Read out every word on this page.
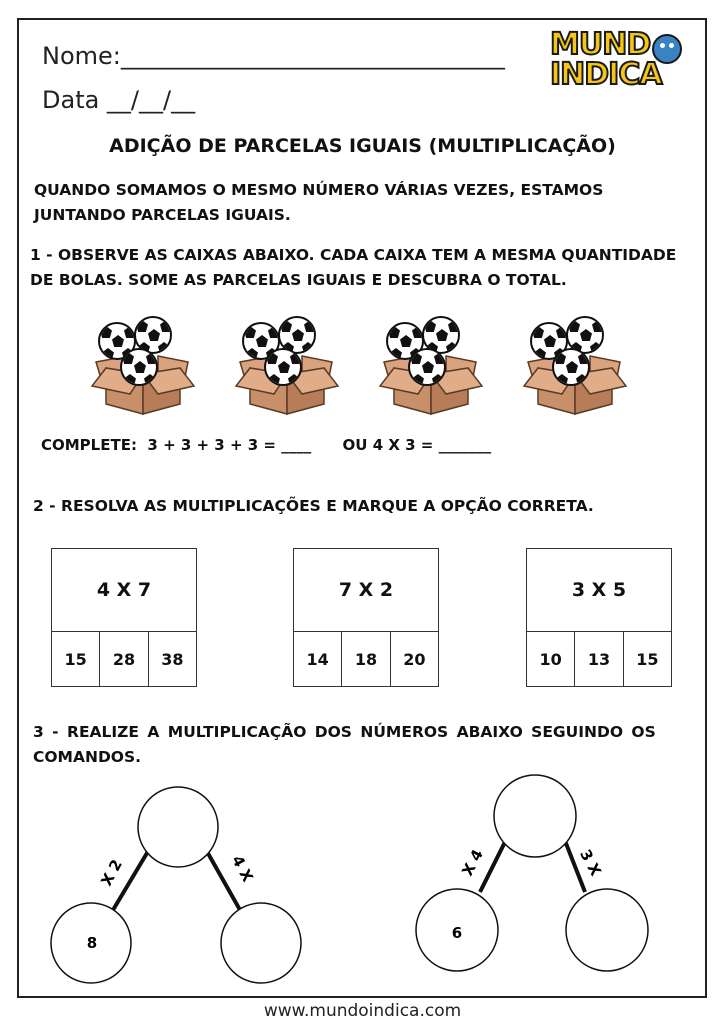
Nome:________________________________
Data __/__/__
MUND
INDICA
ADIÇÃO DE PARCELAS IGUAIS (MULTIPLICAÇÃO)
QUANDO SOMAMOS O MESMO NÚMERO VÁRIAS VEZES, ESTAMOS
JUNTANDO PARCELAS IGUAIS.
1 - OBSERVE AS CAIXAS ABAIXO. CADA CAIXA TEM A MESMA QUANTIDADE
DE BOLAS. SOME AS PARCELAS IGUAIS E DESCUBRA O TOTAL.
COMPLETE:  3 + 3 + 3 + 3 = ____      OU 4 X 3 = _______
2 - RESOLVA AS MULTIPLICAÇÕES E MARQUE A OPÇÃO CORRETA.
4 X 7
15	28	38
7 X 2
14	18	20
3 X 5
10	13	15
3 - REALIZE A MULTIPLICAÇÃO DOS NÚMEROS ABAIXO SEGUINDO OS
COMANDOS.
8
X 2	4 X
6
X 4	3 X
www.mundoindica.com
